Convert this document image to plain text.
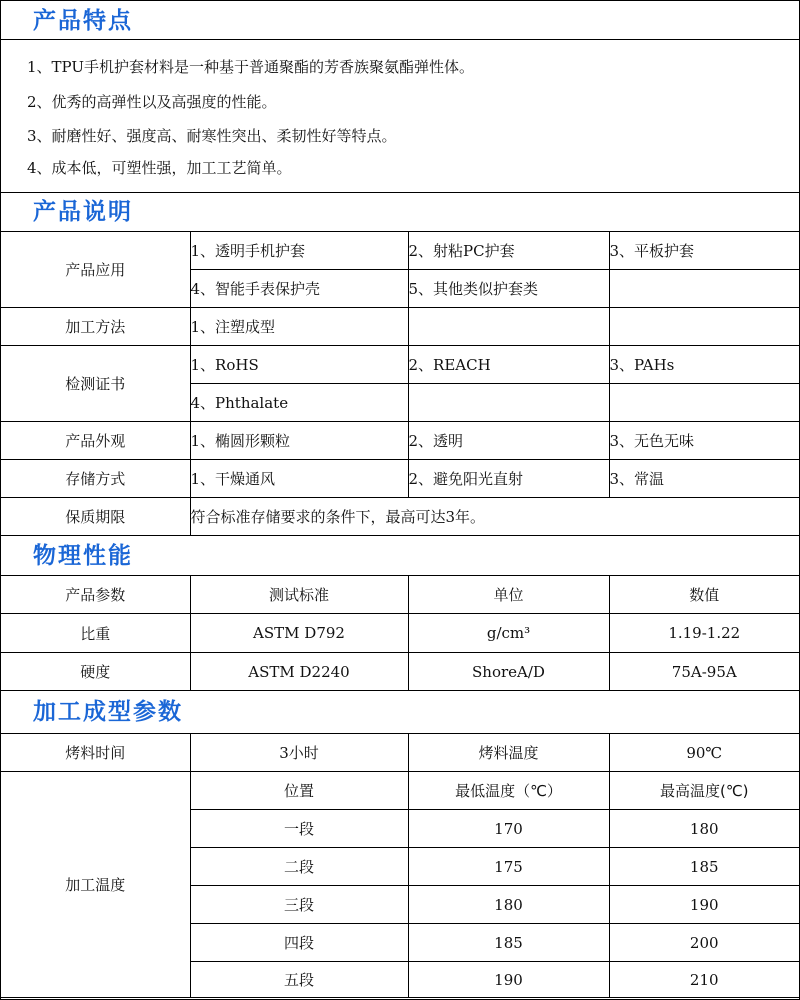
产品特点
1、TPU手机护套材料是一种基于普通聚酯的芳香族聚氨酯弹性体。
2、优秀的高弹性以及高强度的性能。
3、耐磨性好、强度高、耐寒性突出、柔韧性好等特点。
4、成本低，可塑性强，加工工艺简单。
产品说明
产品应用	1、透明手机护套	2、射粘PC护套	3、平板护套
	4、智能手表保护壳	5、其他类似护套类	
加工方法	1、注塑成型		
检测证书	1、RoHS	2、REACH	3、PAHs
	4、Phthalate		
产品外观	1、椭圆形颗粒	2、透明	3、无色无味
存储方式	1、干燥通风	2、避免阳光直射	3、常温
保质期限	符合标准存储要求的条件下，最高可达3年。		
物理性能
产品参数	测试标准	单位	数值
比重	ASTM D792	g/cm³	1.19-1.22
硬度	ASTM D2240	ShoreA/D	75A-95A
加工成型参数
烤料时间	3小时	烤料温度	90℃
加工温度	位置	最低温度（℃）	最高温度(℃)
	一段	170	180
	二段	175	185
	三段	180	190
	四段	185	200
	五段	190	210
